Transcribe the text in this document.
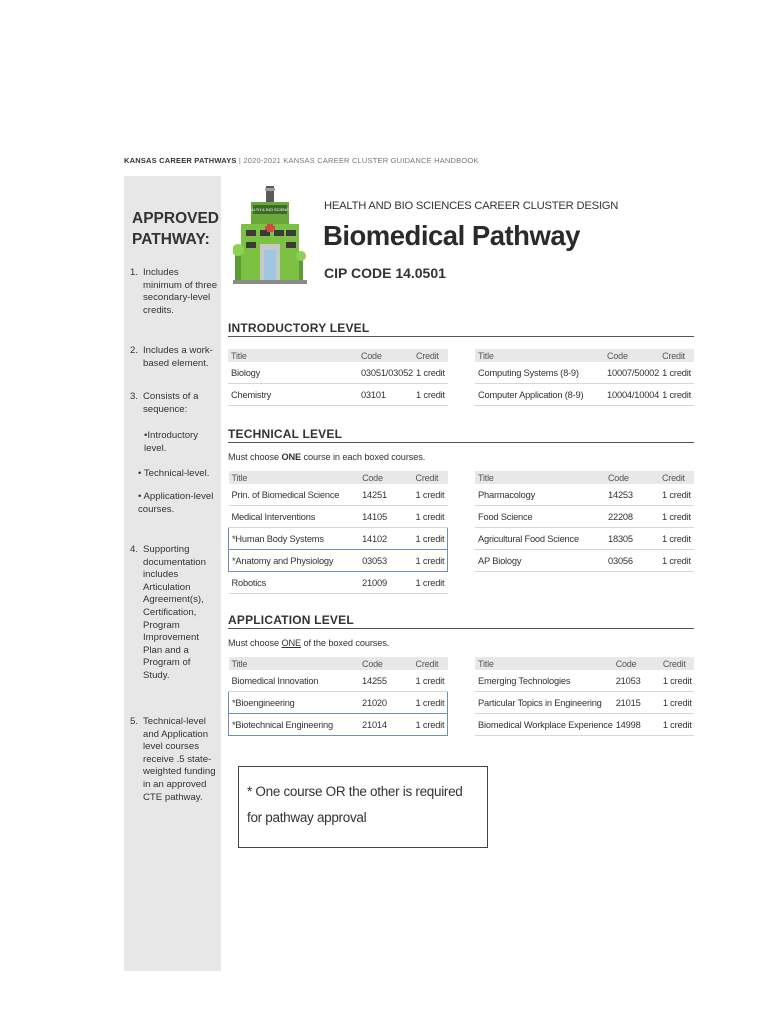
KANSAS CAREER PATHWAYS | 2020-2021 KANSAS CAREER CLUSTER GUIDANCE HANDBOOK
APPROVED
PATHWAY:
1. Includes minimum of three secondary-level credits.
2. Includes a work-based element.
3. Consists of a sequence:
•Introductory level.
• Technical-level.
• Application-level courses.
4. Supporting documentation includes Articulation Agreement(s), Certification, Program Improvement Plan and a Program of Study.
5. Technical-level and Application level courses receive .5 state-weighted funding in an approved CTE pathway.
HEALTH & BIO SCIENCES	HEALTH AND BIO SCIENCES CAREER CLUSTER DESIGN
Biomedical Pathway
CIP CODE 14.0501
INTRODUCTORY LEVEL
Title	Code	Credit
Biology	03051/03052	1 credit
Chemistry	03101	1 credit
Title	Code	Credit
Computing Systems (8-9)	10007/50002	1 credit
Computer Application (8-9)	10004/10004	1 credit
TECHNICAL LEVEL
Must choose ONE course in each boxed courses.
Title	Code	Credit
Prin. of Biomedical Science	14251	1 credit
Medical Interventions	14105	1 credit
*Human Body Systems	14102	1 credit
*Anatomy and Physiology	03053	1 credit
Robotics	21009	1 credit
Title	Code	Credit
Pharmacology	14253	1 credit
Food Science	22208	1 credit
Agricultural Food Science	18305	1 credit
AP Biology	03056	1 credit
APPLICATION LEVEL
Must choose ONE of the boxed courses.
Title	Code	Credit
Biomedical Innovation	14255	1 credit
*Bioengineering	21020	1 credit
*Biotechnical Engineering	21014	1 credit
Title	Code	Credit
Emerging Technologies	21053	1 credit
Particular Topics in Engineering	21015	1 credit
Biomedical Workplace Experience	14998	1 credit
* One course OR the other is required for pathway approval
